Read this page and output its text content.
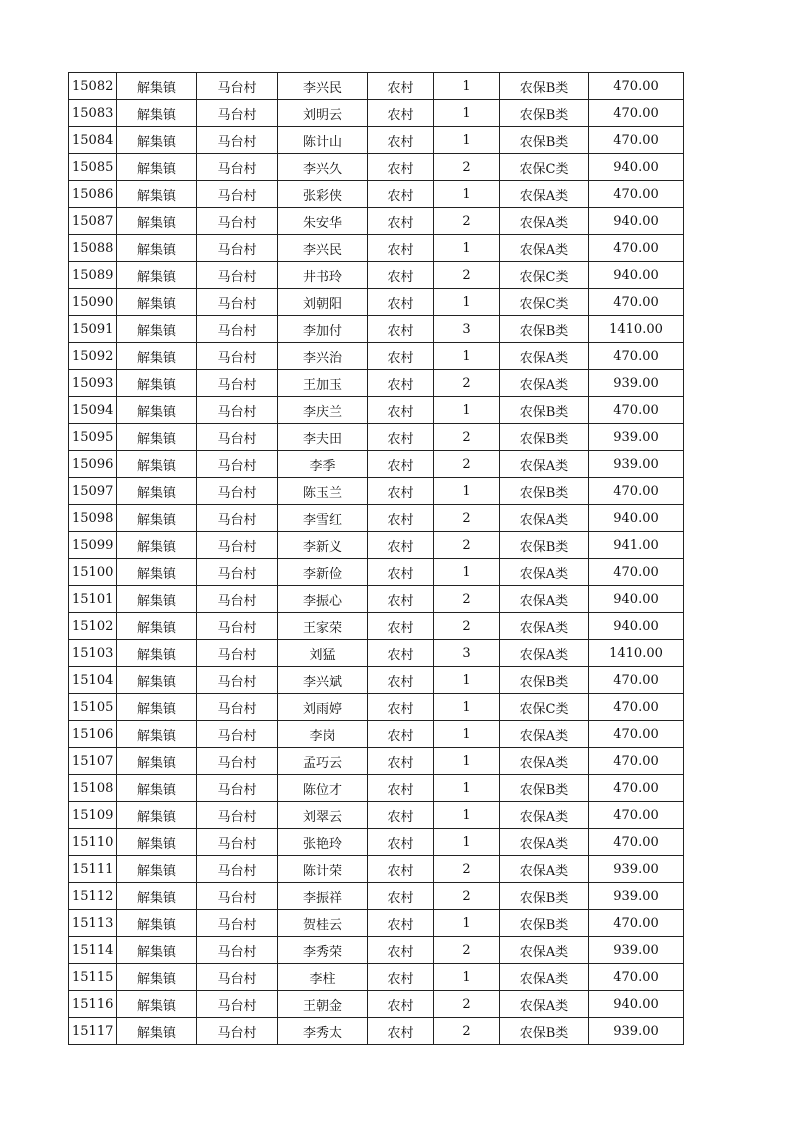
15082	解集镇	马台村	李兴民	农村	1	农保B类	470.00
15083	解集镇	马台村	刘明云	农村	1	农保B类	470.00
15084	解集镇	马台村	陈计山	农村	1	农保B类	470.00
15085	解集镇	马台村	李兴久	农村	2	农保C类	940.00
15086	解集镇	马台村	张彩侠	农村	1	农保A类	470.00
15087	解集镇	马台村	朱安华	农村	2	农保A类	940.00
15088	解集镇	马台村	李兴民	农村	1	农保A类	470.00
15089	解集镇	马台村	井书玲	农村	2	农保C类	940.00
15090	解集镇	马台村	刘朝阳	农村	1	农保C类	470.00
15091	解集镇	马台村	李加付	农村	3	农保B类	1410.00
15092	解集镇	马台村	李兴治	农村	1	农保A类	470.00
15093	解集镇	马台村	王加玉	农村	2	农保A类	939.00
15094	解集镇	马台村	李庆兰	农村	1	农保B类	470.00
15095	解集镇	马台村	李夫田	农村	2	农保B类	939.00
15096	解集镇	马台村	李季	农村	2	农保A类	939.00
15097	解集镇	马台村	陈玉兰	农村	1	农保B类	470.00
15098	解集镇	马台村	李雪红	农村	2	农保A类	940.00
15099	解集镇	马台村	李新义	农村	2	农保B类	941.00
15100	解集镇	马台村	李新俭	农村	1	农保A类	470.00
15101	解集镇	马台村	李振心	农村	2	农保A类	940.00
15102	解集镇	马台村	王家荣	农村	2	农保A类	940.00
15103	解集镇	马台村	刘猛	农村	3	农保A类	1410.00
15104	解集镇	马台村	李兴斌	农村	1	农保B类	470.00
15105	解集镇	马台村	刘雨婷	农村	1	农保C类	470.00
15106	解集镇	马台村	李岗	农村	1	农保A类	470.00
15107	解集镇	马台村	孟巧云	农村	1	农保A类	470.00
15108	解集镇	马台村	陈位才	农村	1	农保B类	470.00
15109	解集镇	马台村	刘翠云	农村	1	农保A类	470.00
15110	解集镇	马台村	张艳玲	农村	1	农保A类	470.00
15111	解集镇	马台村	陈计荣	农村	2	农保A类	939.00
15112	解集镇	马台村	李振祥	农村	2	农保B类	939.00
15113	解集镇	马台村	贺桂云	农村	1	农保B类	470.00
15114	解集镇	马台村	李秀荣	农村	2	农保A类	939.00
15115	解集镇	马台村	李柱	农村	1	农保A类	470.00
15116	解集镇	马台村	王朝金	农村	2	农保A类	940.00
15117	解集镇	马台村	李秀太	农村	2	农保B类	939.00
